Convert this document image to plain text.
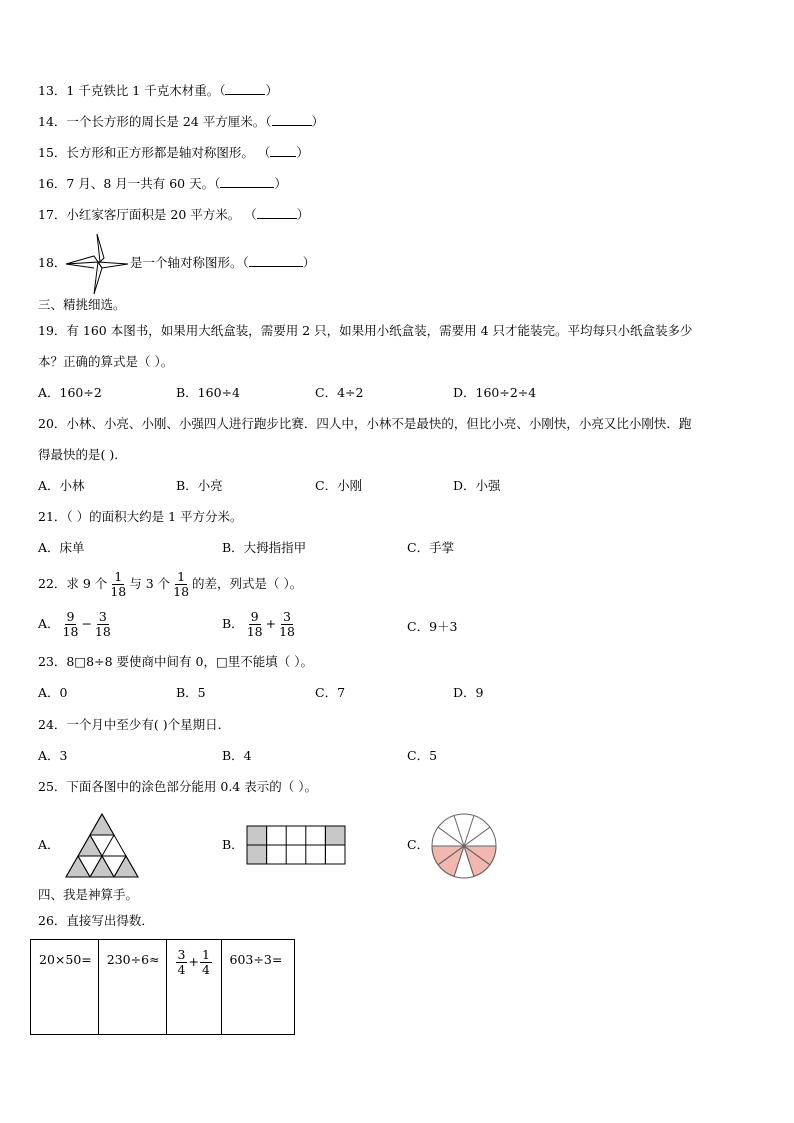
13．1 千克铁比 1 千克木材重。（	）
14．一个长方形的周长是 24 平方厘米。（	）
15．长方形和正方形都是轴对称图形。 （ ）
16．7 月、8 月一共有 60 天。（	）
17．小红家客厅面积是 20 平方米。 （	）
18．	是一个轴对称图形。（	）
三、精挑细选。
19．有 160 本图书，如果用大纸盒装，需要用 2 只，如果用小纸盒装，需要用 4 只才能装完。平均每只小纸盒装多少
本？正确的算式是（ ）。
A．160÷2	B．160÷4	C．4÷2	D．160÷2÷4
20．小林、小亮、小刚、小强四人进行跑步比赛．四人中，小林不是最快的，但比小亮、小刚快，小亮又比小刚快．跑
得最快的是( )．
A．小林	B．小亮	C．小刚	D．小强
21．（ ）的面积大约是 1 平方分米。
A．床单	B．大拇指指甲	C．手掌
22．求 9 个 $\frac{1}{18}$ 与 3 个 $\frac{1}{18}$ 的差，列式是（ ）。
A． $\frac{9}{18} - \frac{3}{18}$	B． $\frac{9}{18} + \frac{3}{18}$	C．9＋3
23．8□8÷8 要使商中间有 0，□里不能填（ ）。
A．0	B．5	C．7	D．9
24．一个月中至少有( )个星期日．
A．3	B．4	C．5
25．下面各图中的涂色部分能用 0.4 表示的（ ）。
A．	B．	C．
四、我是神算手。
26．直接写出得数．
20×50=	230÷6≈	$\frac{3}{4} + \frac{1}{4}$	603÷3=
